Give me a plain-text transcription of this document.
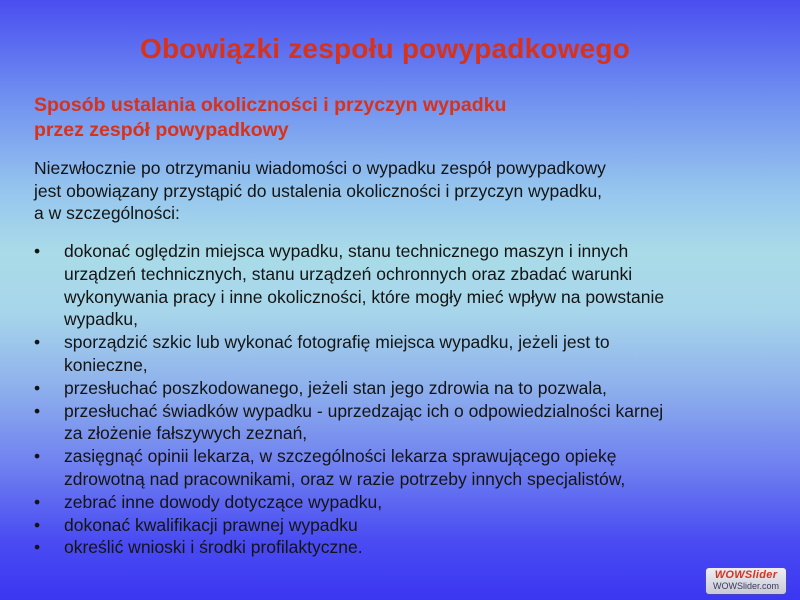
Obowiązki zespołu powypadkowego
Sposób ustalania okoliczności i przyczyn wypadku
przez zespół powypadkowy

Niezwłocznie po otrzymaniu wiadomości o wypadku zespół powypadkowy
jest obowiązany przystąpić do ustalenia okoliczności i przyczyn wypadku,
a w szczególności:

• dokonać oględzin miejsca wypadku, stanu technicznego maszyn i innych
urządzeń technicznych, stanu urządzeń ochronnych oraz zbadać warunki
wykonywania pracy i inne okoliczności, które mogły mieć wpływ na powstanie
wypadku,
• sporządzić szkic lub wykonać fotografię miejsca wypadku, jeżeli jest to
konieczne,
• przesłuchać poszkodowanego, jeżeli stan jego zdrowia na to pozwala,
• przesłuchać świadków wypadku - uprzedzając ich o odpowiedzialności karnej
za złożenie fałszywych zeznań,
• zasięgnąć opinii lekarza, w szczególności lekarza sprawującego opiekę
zdrowotną nad pracownikami, oraz w razie potrzeby innych specjalistów,
• zebrać inne dowody dotyczące wypadku,
• dokonać kwalifikacji prawnej wypadku
• określić wnioski i środki profilaktyczne.
WOWSlider
WOWSlider.com
